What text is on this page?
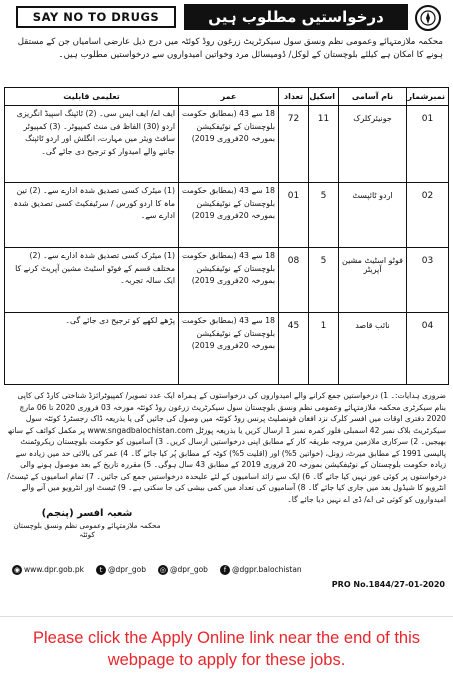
SAY NO TO DRUGS	درخواستیں مطلوب ہیں
محکمہ ملازمتہائے وعمومی نظم ونسق سول سیکرٹریٹ زرغون روڈ کوئٹہ میں درج ذیل عارضی اسامیاں جن کے مستقل ہونے کا امکان ہے کیلئے بلوچستان کے لوکل/ ڈومیسائل مرد وخواتین امیدواروں سے درخواستیں مطلوب ہیں۔
نمبرشمار	نام آسامی	اسکیل	تعداد	عمر	تعلیمی قابلیت
01	جونیئرکلرک	11	72	18 سے 43 (بمطابق حکومت بلوچستان کے نوٹیفکیشن بمورخہ 20فروری 2019)	ایف اے/ ایف ایس سی۔ (2) ٹائپنگ اسپیڈ انگریزی اردو (30) الفاظ فی منٹ کمپیوٹر۔ (3) کمپیوٹر سافٹ ویئر میں مہارت، انگلش اور اردو ٹائپنگ جاننے والے امیدوار کو ترجیح دی جائے گی۔
02	اردو ٹائپسٹ	5	01	18 سے 43 (بمطابق حکومت بلوچستان کے نوٹیفکیشن بمورخہ 20فروری 2019)	(1) میٹرک کسی تصدیق شدہ ادارے سے۔ (2) تین ماہ کا اردو کورس / سرٹیفکیٹ کسی تصدیق شدہ ادارے سے۔
03	فوٹو اسٹیٹ مشین آپریٹر	5	08	18 سے 43 (بمطابق حکومت بلوچستان کے نوٹیفکیشن بمورخہ 20فروری 2019)	(1) میٹرک کسی تصدیق شدہ ادارے سے۔ (2) مختلف قسم کے فوٹو اسٹیٹ مشین آپریٹ کرنے کا ایک سالہ تجربہ۔
04	نائب قاصد	1	45	18 سے 43 (بمطابق حکومت بلوچستان کے نوٹیفکیشن بمورخہ 20فروری 2019)	پڑھے لکھے کو ترجیح دی جائے گی۔
ضروری ہدایات:۔ 1) درخواستیں جمع کرانے والے امیدواروں کی درخواستوں کے ہمراہ ایک عدد تصویر/ کمپیوٹرائزڈ شناختی کارڈ کی کاپی بنام سیکرٹری محکمہ ملازمتہائے وعمومی نظم ونسق بلوچستان سول سیکرٹریٹ زرغون روڈ کوئٹہ مورخہ 03 فروری 2020 تا 06 مارچ 2020 دفتری اوقات میں افسر کلرک نزد افغان قونصلیٹ پرنس روڈ کوئٹہ میں وصول کی جائیں گی یا بذریعہ ڈاک رجسٹرڈ کوئٹہ سول سیکرٹریٹ بلاک نمبر 42 اسمبلی فلور کمرہ نمبر 1 ارسال کریں یا بذریعہ پورٹل www.sngadbalochistan.com پر مکمل کوائف کے ساتھ بھیجیں۔ 2) سرکاری ملازمین مروجہ طریقہ کار کے مطابق اپنی درخواستیں ارسال کریں۔ 3) آسامیوں کو حکومت بلوچستان ریکروٹمنٹ پالیسی 1991 کے مطابق میرٹ، زونل، (خواتین 5%) اور (اقلیت 5%) کوٹہ کے مطابق پُر کیا جائے گا۔ 4) عمر کی بالائی حد میں زیادہ سے زیادہ حکومت بلوچستان کے نوٹیفکیشن بمورخہ 20 فروری 2019 کے مطابق 43 سال ہوگی۔ 5) مقررہ تاریخ کے بعد موصول ہونے والی درخواستوں پر کوئی غور نہیں کیا جائے گا۔ 6) ایک سے زائد اسامیوں کے لئے علیحدہ درخواستیں جمع کی جائیں۔ 7) تمام اسامیوں کے ٹیسٹ/ انٹرویو کا شیڈول بعد میں جاری کیا جائے گا۔ 8) آسامیوں کی تعداد میں کمی بیشی کی جا سکتی ہے۔ 9) ٹیسٹ اور انٹرویو میں آنے والے امیدواروں کو کوئی ٹی اے/ ڈی اے نہیں دیا جائے گا۔
شعبہ افسر (پنجم)
محکمہ ملازمتہائے وعمومی نظم ونسق بلوچستان کوئٹہ
◉ www.dpr.gob.pk	t @dpr_gob ◎ @dpr_gob	f @dgpr.balochistan
PRO No.1844/27-01-2020
Please click the Apply Online link near the end of this webpage to apply for these jobs.
